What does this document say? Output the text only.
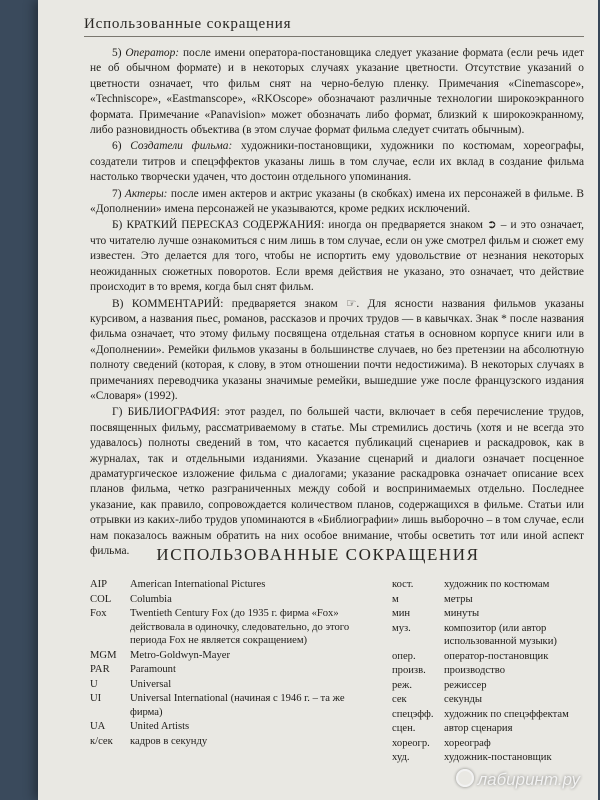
Использованные сокращения

5) Оператор: после имени оператора-постановщика следует указание формата (если речь идет не об обычном формате) и в некоторых случаях указание цветности. Отсутствие указаний о цветности означает, что фильм снят на черно-белую пленку. Примечания «Cinemascope», «Techniscope», «Eastmanscope», «RKOscope» обозначают различные технологии широкоэкранного формата. Примечание «Panavision» может обозначать либо формат, близкий к широкоэкранному, либо разновидность объектива (в этом случае формат фильма следует считать обычным).

6) Создатели фильма: художники-постановщики, художники по костюмам, хореографы, создатели титров и спецэффектов указаны лишь в том случае, если их вклад в создание фильма настолько творчески удачен, что достоин отдельного упоминания.

7) Актеры: после имен актеров и актрис указаны (в скобках) имена их персонажей в фильме. В «Дополнении» имена персонажей не указываются, кроме редких исключений.

Б) КРАТКИЙ ПЕРЕСКАЗ СОДЕРЖАНИЯ: иногда он предваряется знаком ➲ – и это означает, что читателю лучше ознакомиться с ним лишь в том случае, если он уже смотрел фильм и сюжет ему известен. Это делается для того, чтобы не испортить ему удовольствие от незнания некоторых неожиданных сюжетных поворотов. Если время действия не указано, это означает, что действие происходит в то время, когда был снят фильм.

В) КОММЕНТАРИЙ: предваряется знаком ☞. Для ясности названия фильмов указаны курсивом, а названия пьес, романов, рассказов и прочих трудов — в кавычках. Знак * после названия фильма означает, что этому фильму посвящена отдельная статья в основном корпусе книги или в «Дополнении». Ремейки фильмов указаны в большинстве случаев, но без претензии на абсолютную полноту сведений (которая, к слову, в этом отношении почти недостижима). В некоторых случаях в примечаниях переводчика указаны значимые ремейки, вышедшие уже после французского издания «Словаря» (1992).

Г) БИБЛИОГРАФИЯ: этот раздел, по большей части, включает в себя перечисление трудов, посвященных фильму, рассматриваемому в статье. Мы стремились достичь (хотя и не всегда это удавалось) полноты сведений в том, что касается публикаций сценариев и раскадровок, как в журналах, так и отдельными изданиями. Указание сценарий и диалоги означает посценное драматургическое изложение фильма с диалогами; указание раскадровка означает описание всех планов фильма, четко разграниченных между собой и воспринимаемых отдельно. Последнее указание, как правило, сопровождается количеством планов, содержащихся в фильме. Статьи или отрывки из каких-либо трудов упоминаются в «Библиографии» лишь выборочно – в том случае, если нам показалось важным обратить на них особое внимание, чтобы осветить тот или иной аспект фильма.	ИСПОЛЬЗОВАННЫЕ СОКРАЩЕНИЯ
AIP	American International Pictures
COL	Columbia
Fox	Twentieth Century Fox (до 1935 г. фирма «Fox» действовала в одиночку, следовательно, до этого периода Fox не является сокращением)
MGM	Metro-Goldwyn-Mayer
PAR	Paramount
U	Universal
UI	Universal International (начиная с 1946 г. – та же фирма)
UA	United Artists
к/сек	кадров в секунду
кост.	художник по костюмам
м	метры
мин	минуты
муз.	композитор (или автор использованной музыки)
опер.	оператор-постановщик
произв.	производство
реж.	режиссер
сек	секунды
спецэфф. художник по спецэффектам
сцен.	автор сценария
хореогр.	хореограф
худ.	художник-постановщик
лабиринт.ру
